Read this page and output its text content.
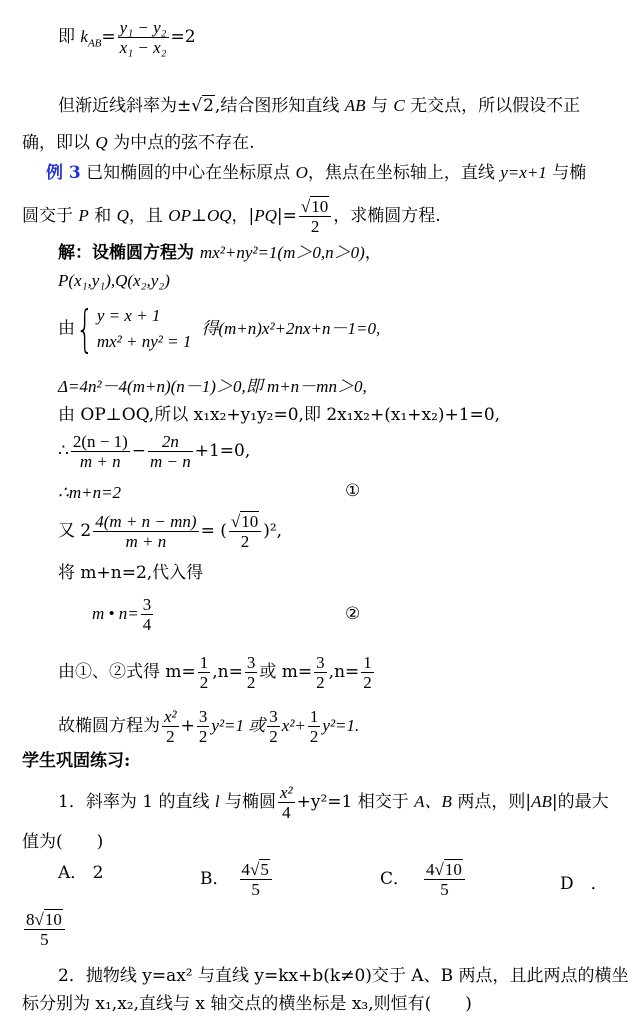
即 $k_{AB}= \frac{\text{y₁ − y₂}}{\text{x₁ − x₂}} =2$
但渐近线斜率为±√2,结合图形知直线 AB 与 C 无交点，所以假设不正
确，即以 Q 为中点的弦不存在.
例 3 已知椭圆的中心在坐标原点 O，焦点在坐标轴上，直线 y=x+1 与椭
圆交于 P 和 Q，且 OP⊥OQ，$|PQ|= \frac{√10}{2}$ ，求椭圆方程.
解：设椭圆方程为 mx²+ny²=1(m＞0,n＞0)，
P(x₁,y₁),Q(x₂,y₂)
由{ y = x + 1
mx² + ny² = 1
得(m+n)x²+2nx+n－1=0,
Δ=4n²－4(m+n)(n－1)＞0,即 m+n－mn＞0,
由 OP⊥OQ,所以 x₁x₂+y₁y₂=0,即 2x₁x₂+(x₁+x₂)+1=0,
∴ $\frac{2(n - 1)}{m + n} - \frac{2n}{m - n} +1=0$,
∴m+n=2	①
又 $2 \frac{4(m + n - mn)}{m + n}$ = ( $\frac{√10}{2} )^2$,
将 m+n=2,代入得
m • $n= \frac{3}{4}$	②
由①、②式得 $m= \frac{1}{2} ,n= \frac{3}{2}$ 或 $m= \frac{3}{2} ,n= \frac{1}{2}$
故椭圆方程为 $\frac{\text{x²}}{2} + \frac{3}{2} y^2=1$ 或 $\frac{3}{2} x^2+ \frac{1}{2} y^2=1$.
学生巩固练习:
1．斜率为 1 的直线 l 与椭圆 $\frac{\text{x²}}{4} +y^2=1$ 相交于 A、B 两点，则|AB|的最大
值为(　　)
A． 2	B． $\frac{4√5}{5}$	C． $\frac{4√10}{5}$	D　．
$\frac{8√10}{5}$
2．抛物线 y=ax² 与直线 y=kx+b(k≠0)交于 A、B 两点，且此两点的横坐
标分别为 x₁,x₂,直线与 x 轴交点的横坐标是 x₃,则恒有(　　)
